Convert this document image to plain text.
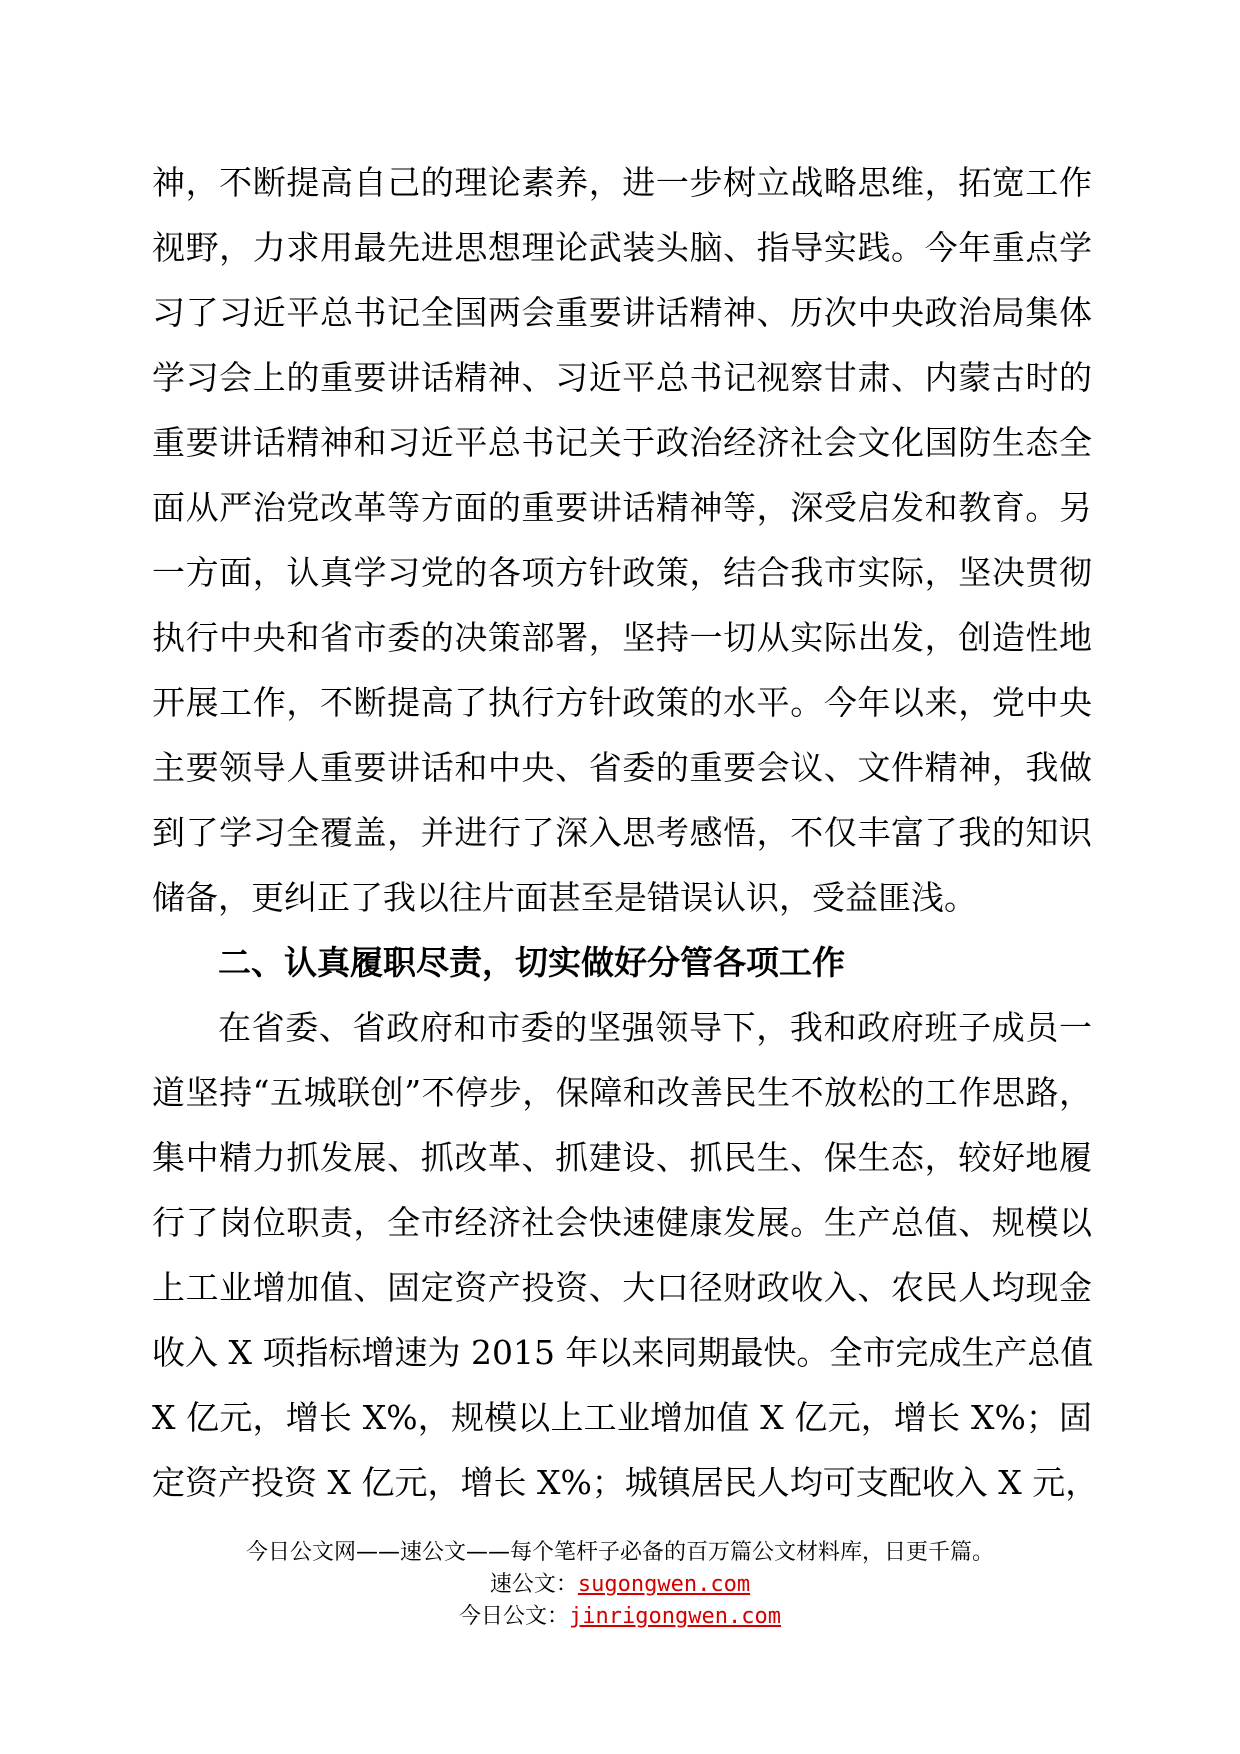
神，不断提高自己的理论素养，进一步树立战略思维，拓宽工作
视野，力求用最先进思想理论武装头脑、指导实践。今年重点学
习了习近平总书记全国两会重要讲话精神、历次中央政治局集体
学习会上的重要讲话精神、习近平总书记视察甘肃、内蒙古时的
重要讲话精神和习近平总书记关于政治经济社会文化国防生态全
面从严治党改革等方面的重要讲话精神等，深受启发和教育。另
一方面，认真学习党的各项方针政策，结合我市实际，坚决贯彻
执行中央和省市委的决策部署，坚持一切从实际出发，创造性地
开展工作，不断提高了执行方针政策的水平。今年以来，党中央
主要领导人重要讲话和中央、省委的重要会议、文件精神，我做
到了学习全覆盖，并进行了深入思考感悟，不仅丰富了我的知识
储备，更纠正了我以往片面甚至是错误认识，受益匪浅。
二、认真履职尽责，切实做好分管各项工作
在省委、省政府和市委的坚强领导下，我和政府班子成员一
道坚持“五城联创”不停步，保障和改善民生不放松的工作思路，
集中精力抓发展、抓改革、抓建设、抓民生、保生态，较好地履
行了岗位职责，全市经济社会快速健康发展。生产总值、规模以
上工业增加值、固定资产投资、大口径财政收入、农民人均现金
收入 X 项指标增速为 2015 年以来同期最快。全市完成生产总值
X 亿元，增长 X%，规模以上工业增加值 X 亿元，增长 X%；固
定资产投资 X 亿元，增长 X%；城镇居民人均可支配收入 X 元，
今日公文网——速公文——每个笔杆子必备的百万篇公文材料库，日更千篇。
速公文：sugongwen.com
今日公文：jinrigongwen.com
